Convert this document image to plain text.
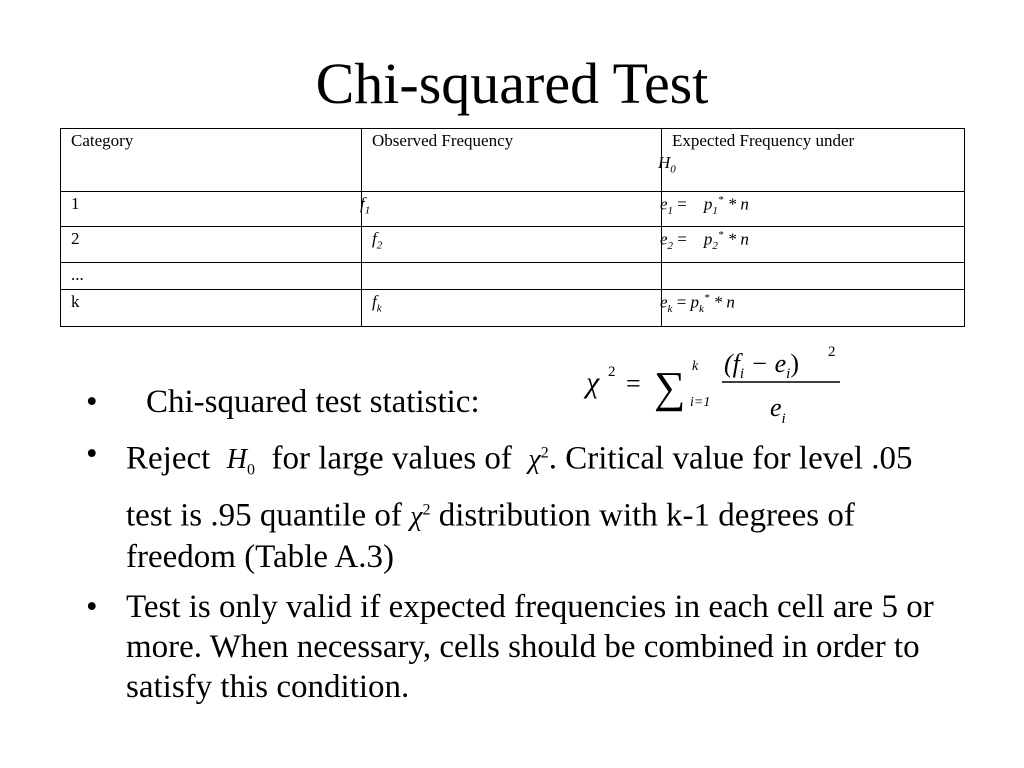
Chi-squared Test
Category	Observed Frequency	Expected Frequency under
$H_0$

1	$f_1$	$e_1 = p_1^* * n$
2	$f_2$	$e_2 = p_2^* * n$
...		
k	$f_k$	$e_k = p_k^* * n$
χ 2 = ∑ k
i=1
$(f_i - e_i)$ 2
$e_i$
• Chi-squared test statistic:
• Reject $H_0$ for large values of $\chi^2$. Critical value for level .05 test is .95 quantile of $\chi^2$ distribution with k-1 degrees of freedom (Table A.3)
• Test is only valid if expected frequencies in each cell are 5 or more. When necessary, cells should be combined in order to satisfy this condition.
